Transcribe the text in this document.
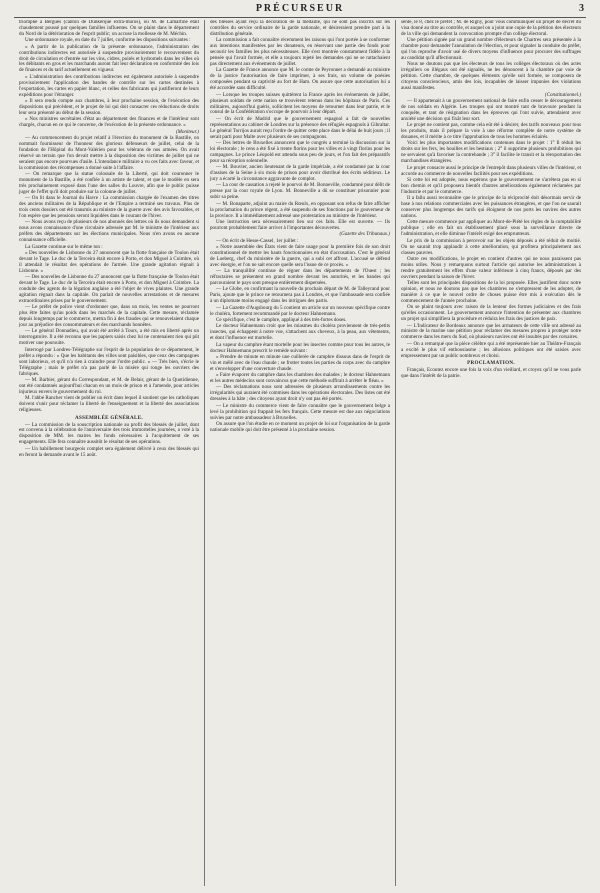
PRÉCURSEUR	3

triomphe à Bergues (canton de Dunkerque extra-muros), où M. de Lamartine était chaudement poussé par quelques familles influentes. On se plaint dans le département du Nord de la détérioration de l'esprit public; on accuse la mollesse de M. Méchin.

Une ordonnance royale, en date du 7 juillet, conforme les dispositions suivantes :

« A partir de la publication de la présente ordonnance, l'administration des contributions indirectes est autorisée à suspendre provisoirement le recouvrement du droit de circulation et d'entrée sur les vins, cidres, poirés et hydromels dans les villes où les débitants en gros et les marchands auront fait leur déclaration en conformité des lois de finances et du tarif actuellement en vigueur.

» L'administration des contributions indirectes est également autorisée à suspendre provisoirement l'application des bandes de contrôle sur les cartes destinées à l'exportation, les cartes en papier blanc, et celles des fabricants qui justifieront de leurs expéditions pour l'étranger.

» Il sera rendu compte aux chambres, à leur prochaine session, de l'exécution des dispositions qui précèdent, et le projet de loi qui doit consacrer ces réductions de droits leur sera présenté au début de la session.

» Nos ministres secrétaires d'état au département des finances et de l'intérieur sont chargés, chacun en ce qui le concerne, de l'exécution de la présente ordonnance. »

(Moniteur.)

— Au commencement du projet relatif à l'érection du monument de la Bastille, on nommait fournisseur de l'honneur des glorieux défenseurs de juillet, celui de la fondation de l'Hôpital du Mont-Valérien pour les vétérans de nos armées. On avait réservé un terrain que l'on devait mettre à la disposition des victimes de juillet qui ne seraient pas encore pourvues d'asile. L'intendance militaire a vu ces faits avec faveur, et la commission des récompenses a donné suite à l'affaire.

— On remarque que la statue colossale de la Liberté, qui doit couronner le monument de la Bastille, a été confiée à un artiste de talent, et que le modèle en sera très prochainement exposé dans l'une des salles du Louvre, afin que le public puisse juger de l'effet qu'il doit produire sur la colonne de juillet.

— On lit dans le Journal du Havre : La commission chargée de l'examen des titres des anciens militaires de la République et de l'Empire a terminé ses travaux. Plus de trois cents dossiers ont été transmis au ministre de la guerre avec des avis favorables, et l'on espère que les pensions seront liquidées dans le courant de l'hiver.

— Nous avons reçu de plusieurs de nos abonnés des lettres où ils nous demandent si nous avons connaissance d'une circulaire adressée par M. le ministre de l'intérieur aux préfets des départements sur les élections municipales. Nous n'en avons eu aucune connaissance officielle.

La Gazette continue sur le même ton :

« Des nouvelles de Lisbonne du 27 annoncent que la flotte française de Toulon était devant le Tage. Le duc de la Terceira était encore à Porto, et don Miguel à Coimbre, où il attendait le résultat des opérations de l'armée. Une grande agitation régnait à Lisbonne. »

— Des nouvelles de Lisbonne du 27 annoncent que la flotte française de Toulon était devant le Tage. Le duc de la Terceira était encore à Porto, et don Miguel à Coimbre. La conduite des agents de la légation anglaise a été l'objet de vives plaintes. Une grande agitation régnait dans la capitale. On parlait de nouvelles arrestations et de mesures extraordinaires prises par le gouvernement.

— Le préfet de police vient d'ordonner que, dans un mois, les ventes ne pourront plus être faites qu'au poids dans les marchés de la capitale. Cette mesure, réclamée depuis longtemps par le commerce, mettra fin à des fraudes qui se renouvelaient chaque jour au préjudice des consommateurs et des marchands honnêtes.

— Le général Donnadieu, qui avait été arrêté à Tours, a été mis en liberté après un interrogatoire. Il a été reconnu que les papiers saisis chez lui ne contenaient rien qui pût motiver une poursuite.

Interrogé par Londres-Télégraphe sur l'esprit de la population de ce département, le préfet a répondu : « Que les habitants des villes sont paisibles, que ceux des campagnes sont laborieux, et qu'il n'a rien à craindre pour l'ordre public. » — Très bien, s'écrie le Télégraphe ; mais le préfet n'a pas parlé de la misère qui ronge les ouvriers des fabriques.

— M. Barbier, gérant du Correspondant, et M. de Belair, gérant de la Quotidienne, ont été condamnés aujourd'hui chacun en un mois de prison et à l'amende, pour articles injurieux envers le gouvernement du roi.

M. l'abbé Rancher vient de publier un écrit dans lequel il soutient que les catholiques doivent s'unir pour réclamer la liberté de l'enseignement et la liberté des associations religieuses.

ASSEMBLÉE GÉNÉRALE.

— La commission de la souscription nationale au profit des blessés de juillet, dont est convenu à la célébration de l'anniversaire des trois immortelles journées, a voté à la disposition de MM. les maires les fonds nécessaires à l'acquittement de ses engagements. Elle fera connaître aussitôt le résultat de ses opérations.

— Un habillement bourgeois complet sera également délivré à ceux des blessés qui en feront la demande avant le 15 août.

des blessés ayant reçu la décoration de la médaille, qui ne sont pas inscrits sur les contrôles du service ordinaire de la garde nationale, et désireraient prendre part à la distribution générale.

La commission a fait connaître récemment les raisons qui l'ont portée à se conformer aux intentions manifestées par les donateurs, en réservant une partie des fonds pour secourir les familles les plus nécessiteuses. Elle s'est montrée constamment fidèle à la pensée qui l'avait formée, et elle a toujours rejeté les demandes qui ne se rattachaient pas directement aux événements de juillet.

La Gazette de France annonce que M. le comte de Peyronnet a demandé au ministre de la justice l'autorisation de faire imprimer, à ses frais, un volume de poésies composées pendant sa captivité au fort de Ham. On assure que cette autorisation lui a été accordée sans difficulté.

— Lorsque les troupes suisses quittèrent la France après les événements de juillet, plusieurs soldats de cette nation se trouvèrent retenus dans les hôpitaux de Paris. Ces militaires, aujourd'hui guéris, sollicitent les moyens de retourner dans leur patrie, et le consul de la Confédération s'occupe de pourvoir à leur départ.

— On écrit de Madrid que le gouvernement espagnol a fait de nouvelles représentations au cabinet de Londres sur la présence des réfugiés espagnols à Gibraltar. Le général Torrijos aurait reçu l'ordre de quitter cette place dans le délai de huit jours ; il serait parti pour Malte avec plusieurs de ses compagnons.

— Des lettres de Bruxelles annoncent que le congrès a terminé la discussion sur la loi électorale ; le cens a été fixé à trente florins pour les villes et à vingt florins pour les campagnes. Le prince Léopold est attendu sous peu de jours, et l'on fait des préparatifs pour sa réception solennelle.

— M. Bouvier, ancien lieutenant de la garde impériale, a été condamné par la cour d'assises de la Seine à six mois de prison pour avoir distribué des écrits séditieux. Le jury a écarté la circonstance aggravante de complot.

— La cour de cassation a rejeté le pourvoi de M. Bonneville, condamné pour délit de presse par la cour royale de Lyon. M. Bonneville a dû se constituer prisonnier pour subir sa peine.

— M. Bonaparte, adjoint au maire du Rœulx, en opposant son refus de faire afficher la proclamation du prince régent, a été suspendu de ses fonctions par le gouverneur de la province. Il a immédiatement adressé une protestation au ministre de l'intérieur.

Une instruction sera nécessairement lieu sur ces faits. Elle est ouverte. — Ils pourront probablement faire arriver à l'importantes découvertes.

(Gazette des Tribunaux.)

— On écrit de Hesse-Cassel, 1er juillet :

« Notre assemblée des États vient de faire usage pour la première fois de son droit constitutionnel de mettre les hauts fonctionnaires en état d'accusation. C'est le général de Loeberg, chef du ministère de la guerre, qui a subi cet affront. L'accusé se défend avec énergie, et l'on ne sait encore quelle sera l'issue de ce procès. »

— La tranquillité continue de régner dans les départements de l'Ouest ; les réfractaires se présentent en grand nombre devant les autorités, et les bandes qui parcouraient le pays sont presque entièrement dispersées.

— Le Globe, en confirmant la nouvelle du prochain départ de M. de Talleyrand pour Paris, ajoute que le prince ne retournera pas à Londres, et que l'ambassade sera confiée à un diplomate moins engagé dans les intrigues des partis.

— La Gazette d'Augsbourg du 5 contient un article sur un nouveau spécifique contre le choléra, fortement recommandé par le docteur Hahnemann.

Ce spécifique, c'est le camphre, appliqué à des très-fortes doses.

Le docteur Hahnemann croit que les miasmes du choléra proviennent de très-petits insectes, qui échappent à notre vue, s'attachent aux cheveux, à la peau, aux vêtements, et dont l'influence est mortelle.

La vapeur du camphre étant mortelle pour les insectes comme pour tous les autres, le docteur Hahnemann prescrit le remède suivant :

« Prendre de minute en minute une cuillerée de camphre dissous dans de l'esprit de vin et mêlé avec de l'eau chaude ; se frotter toutes les parties du corps avec du camphre et s'envelopper d'une couverture chaude.

» Faire évaporer du camphre dans les chambres des malades ; le docteur Hahnemann et les autres médecins sont convaincus que cette méthode suffirait à arrêter le fléau. »

— Des réclamations nous sont adressées de plusieurs arrondissements contre les irrégularités qui auraient été commises dans les opérations électorales. Des listes ont été dressées à la hâte ; des citoyens ayant droit n'y ont pas été portés.

— Le ministre du commerce vient de faire connaître que le gouvernement belge a levé la prohibition qui frappait les fers français. Cette mesure est due aux négociations suivies par notre ambassadeur à Bruxelles.

On assure que l'on étudie en ce moment un projet de loi sur l'organisation de la garde nationale mobile qui doit être présenté à la prochaine session.

senté, le 8, chez le préfet ; M. de Rigny, pour vous communiquer un projet de décret du visa donné au titre au contrôle, et auquel on a joint une copie de la pétition des électeurs de la ville qui demandent la convocation prompte d'un collège électoral.

Une pétition signée par un grand nombre d'électeurs de Chartres sera présentée à la chambre pour demander l'annulation de l'élection, et pour signaler la conduite du préfet, qui l'on reproche d'avoir usé de divers moyens d'influence pour procurer des suffrages au candidat qu'il affectionnait.

Nous ne doutons pas que les électeurs de tous les collèges électoraux où des actes irréguliers ou illégaux ont été signalés, ne les dénoncent à la chambre par voie de pétition. Cette chambre, de quelques éléments qu'elle soit formée, se composera de citoyens consciencieux, amis des lois, incapables de laisser impunies des violations aussi manifestes.

(Constitutionnel.)

— Il appartenait à un gouvernement national de faire enfin cesser le découragement de nos soldats en Algérie. Les troupes qui ont montré tant de bravoure pendant la conquête, et tant de résignation dans les épreuves qui l'ont suivie, attendaient avec anxiété une décision qui fixât leur sort.

Le projet ne contient pas, comme cela eût été à désirer, des tarifs nouveaux pour tous les produits, mais il prépare la voie à une réforme complète de notre système de douanes, et il mérite à ce titre l'approbation de tous les hommes éclairés.

Voici les plus importantes modifications contenues dans le projet : 1° Il réduit les droits sur les fers, les houilles et les bestiaux ; 2° il supprime plusieurs prohibitions qui ne servaient qu'à favoriser la contrebande ; 3° il facilite le transit et la réexportation des marchandises étrangères.

Le projet consacre aussi le principe de l'entrepôt dans plusieurs villes de l'intérieur, et accorde au commerce de nouvelles facilités pour ses expéditions.

Si cette loi est adoptée, nous espérons que le gouvernement ne s'arrêtera pas en si bon chemin et qu'il proposera bientôt d'autres améliorations également réclamées par l'industrie et par le commerce.

Il a fallu aussi reconnaître que le principe de la réciprocité doit désormais servir de base à nos relations commerciales avec les puissances étrangères, et que l'on ne saurait conserver plus longtemps des tarifs qui éloignent de nos ports les navires des autres nations.

Cette mesure commence par appliquer au Mont-de-Piété les règles de la comptabilité publique ; elle en fait un établissement placé sous la surveillance directe de l'administration, et elle diminue l'intérêt exigé des emprunteurs.

Le prix de la commission à percevoir sur les objets déposés a été réduit de moitié. On ne saurait trop applaudir à cette amélioration, qui profitera principalement aux classes pauvres.

Outre ces modifications, le projet en contient d'autres qui ne nous paraissent pas moins utiles. Nous y remarquons surtout l'article qui autorise les administrations à rendre gratuitement les effets d'une valeur inférieure à cinq francs, déposés par des ouvriers pendant la saison de l'hiver.

Telles sont les principales dispositions de la loi proposée. Elles justifient donc notre opinion, et nous ne doutons pas que les chambres ne s'empressent de les adopter, de manière à ce que le nouvel ordre de choses puisse être mis à exécution dès le commencement de l'année prochaine.

On se plaint toujours avec raison de la lenteur des formes judiciaires et des frais qu'elles occasionnent. Le gouvernement annonce l'intention de présenter aux chambres un projet qui simplifiera la procédure et réduira les frais des justices de paix.

— L'Indicateur de Bordeaux annonce que les armateurs de cette ville ont adressé au ministre de la marine une pétition pour réclamer des mesures propres à protéger notre commerce dans les mers du Sud, où plusieurs navires ont été insultés par des corsaires.

— On a remarqué que la pièce célèbre qui a été représentée hier au Théâtre-Français a excité le plus vif enthousiasme ; les allusions politiques ont été saisies avec empressement par un public nombreux et choisi.

PROCLAMATION.

Français, Ecoutez encore une fois la voix d'un vieillard, et croyez qu'il ne vous parle que dans l'intérêt de la patrie.
